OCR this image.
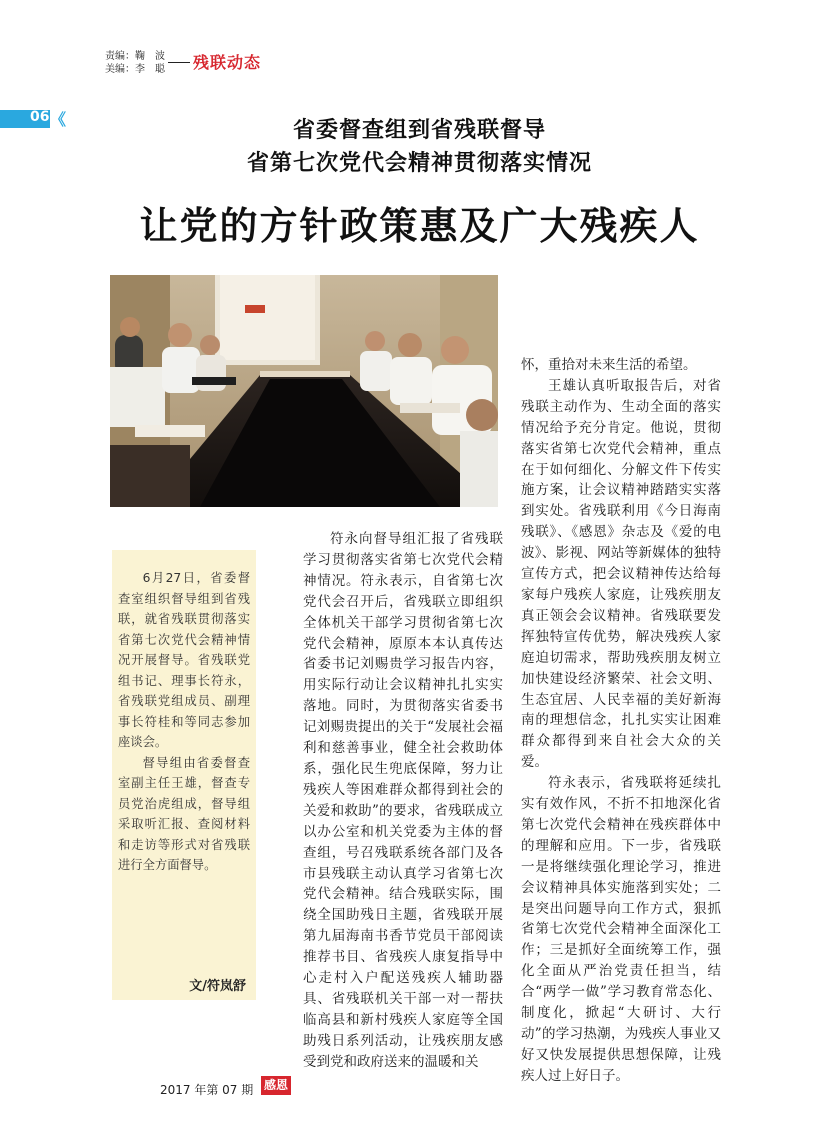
责编：鞠　波
美编：李　聪 残联动态
06 《	省委督查组到省残联督导
省第七次党代会精神贯彻落实情况
让党的方针政策惠及广大残疾人

6月27日，省委督查室组织督导组到省残联，就省残联贯彻落实省第七次党代会精神情况开展督导。省残联党组书记、理事长符永，省残联党组成员、副理事长符桂和等同志参加座谈会。

督导组由省委督查室副主任王雄，督查专员党治虎组成，督导组采取听汇报、查阅材料和走访等形式对省残联进行全方面督导。

文/符岚舒

符永向督导组汇报了省残联学习贯彻落实省第七次党代会精神情况。符永表示，自省第七次党代会召开后，省残联立即组织全体机关干部学习贯彻省第七次党代会精神，原原本本认真传达省委书记刘赐贵学习报告内容，用实际行动让会议精神扎扎实实落地。同时，为贯彻落实省委书记刘赐贵提出的关于“发展社会福利和慈善事业，健全社会救助体系，强化民生兜底保障，努力让残疾人等困难群众都得到社会的关爱和救助”的要求，省残联成立以办公室和机关党委为主体的督查组，号召残联系统各部门及各市县残联主动认真学习省第七次党代会精神。结合残联实际，围绕全国助残日主题，省残联开展第九届海南书香节党员干部阅读推荐书目、省残疾人康复指导中心走村入户配送残疾人辅助器具、省残联机关干部一对一帮扶临高县和新村残疾人家庭等全国助残日系列活动，让残疾朋友感受到党和政府送来的温暖和关

怀，重拾对未来生活的希望。

王雄认真听取报告后，对省残联主动作为、生动全面的落实情况给予充分肯定。他说，贯彻落实省第七次党代会精神，重点在于如何细化、分解文件下传实施方案，让会议精神踏踏实实落到实处。省残联利用《今日海南残联》、《感恩》杂志及《爱的电波》、影视、网站等新媒体的独特宣传方式，把会议精神传达给每家每户残疾人家庭，让残疾朋友真正领会会议精神。省残联要发挥独特宣传优势，解决残疾人家庭迫切需求，帮助残疾朋友树立加快建设经济繁荣、社会文明、生态宜居、人民幸福的美好新海南的理想信念，扎扎实实让困难群众都得到来自社会大众的关爱。

符永表示，省残联将延续扎实有效作风，不折不扣地深化省第七次党代会精神在残疾群体中的理解和应用。下一步，省残联一是将继续强化理论学习，推进会议精神具体实施落到实处；二是突出问题导向工作方式，狠抓省第七次党代会精神全面深化工作；三是抓好全面统筹工作，强化全面从严治党责任担当，结合“两学一做”学习教育常态化、制度化，掀起“大研讨、大行动”的学习热潮，为残疾人事业又好又快发展提供思想保障，让残疾人过上好日子。

2017 年第 07 期 感恩
